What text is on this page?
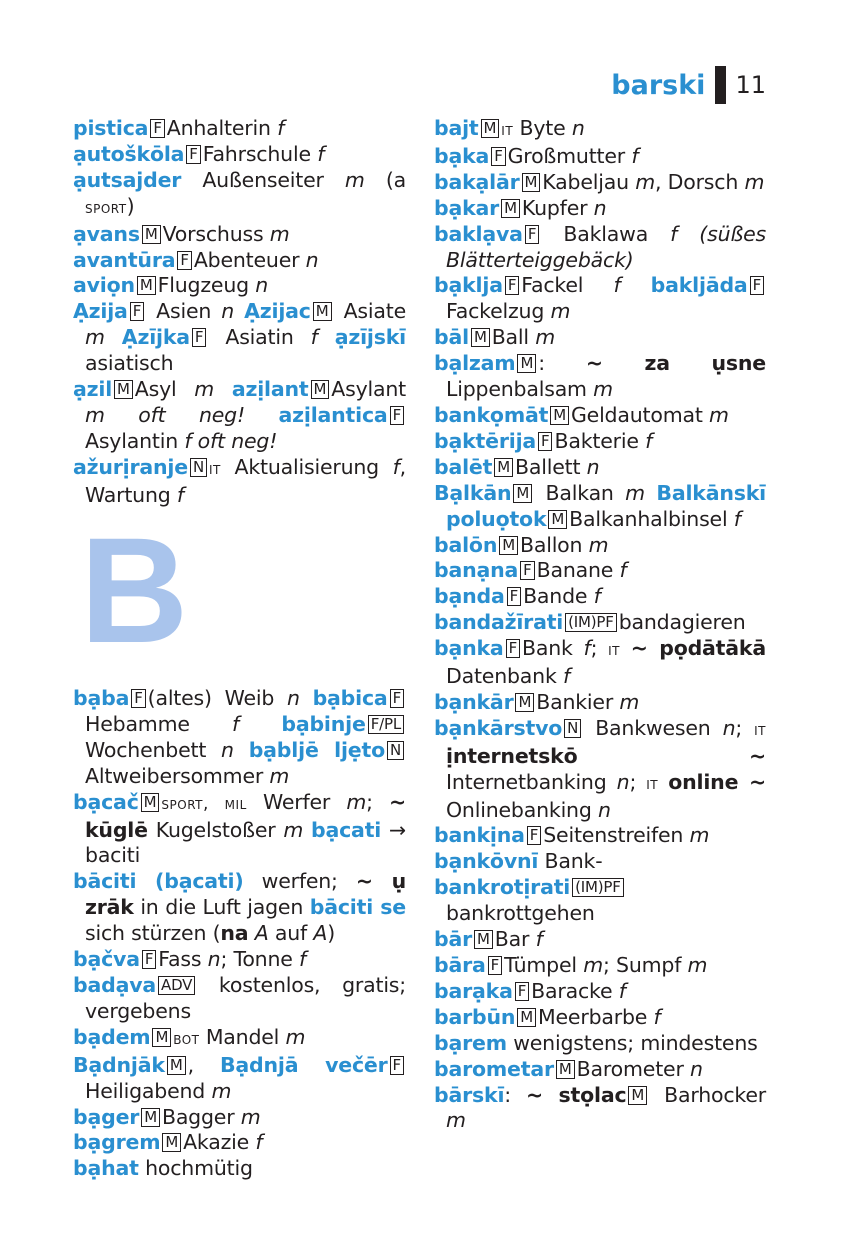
barski 11

pistica F Anhalterin f

ạutoškōla F Fahrschule f

ạutsajder Außenseiter m (a sport)

ạvans M Vorschuss m

avantūra F Abenteuer n

aviọn M Flugzeug n

Ạzija F Asien n Ạzijac M Asiate m Ạzījka F Asiatin f ạzījskī asiatisch

ạzil M Asyl m azịlant M Asylant m oft neg! azịlantica F Asylantin f oft neg!

ažurịranje N it Aktualisierung f, Wartung f

B

bạba F (altes) Weib n bạbica F Hebamme f bạbinje F/PL Wochenbett n bạbljē ljẹto NAltweibersommer m

bạcač M sport, mil Werfer m; ~ kūglē Kugelstoßer m bạcati → baciti

bāciti (bạcati) werfen; ~ ụ zrāk in die Luft jagen bāciti se sich stürzen (na A auf A)

bạčva F Fass n; Tonne f

badạva ADV kostenlos, gratis; vergebens

bạdem M bot Mandel m

Bạdnjāk M , Bạdnjā večēr F Heiligabend m

bạger M Bagger m

bạgrem M Akazie f

bạhat hochmütig

bajt M it Byte n

bạka F Großmutter f

bakạlār M Kabeljau m, Dorsch m

bạkar M Kupfer n

baklạva F Baklawa f (süßes Blätterteiggebäck)

bạklja F Fackel f bakljāda F Fackelzug m

bāl M Ball m

bạlzam M : ~ za ụsne Lippenbalsam m

bankọmāt M Geldautomat m

bạktērija F Bakterie f

balēt M Ballett n

Bạlkān M Balkan m Balkānskī poluọtok M Balkanhalbinsel f

balōn M Ballon m

banạna F Banane f

bạnda F Bande f

bandažīrati (IM)PF bandagieren

bạnka F Bank f; it ~ pọdātākā Datenbank f

bạnkār M Bankier m

bạnkārstvo N Bankwesen n; it ịnternetskō ~ Internetbanking n; it online ~ Onlinebanking n

bankịna F Seitenstreifen m

bạnkōvnī Bank-

bankrotịrati (IM)PF bankrottgehen

bār M Bar f

bāra F Tümpel m; Sumpf m

barạka F Baracke f

barbūn M Meerbarbe f

bạrem wenigstens; mindestens

barometar M Barometer n

bārskī: ~ stọlac M Barhocker m
